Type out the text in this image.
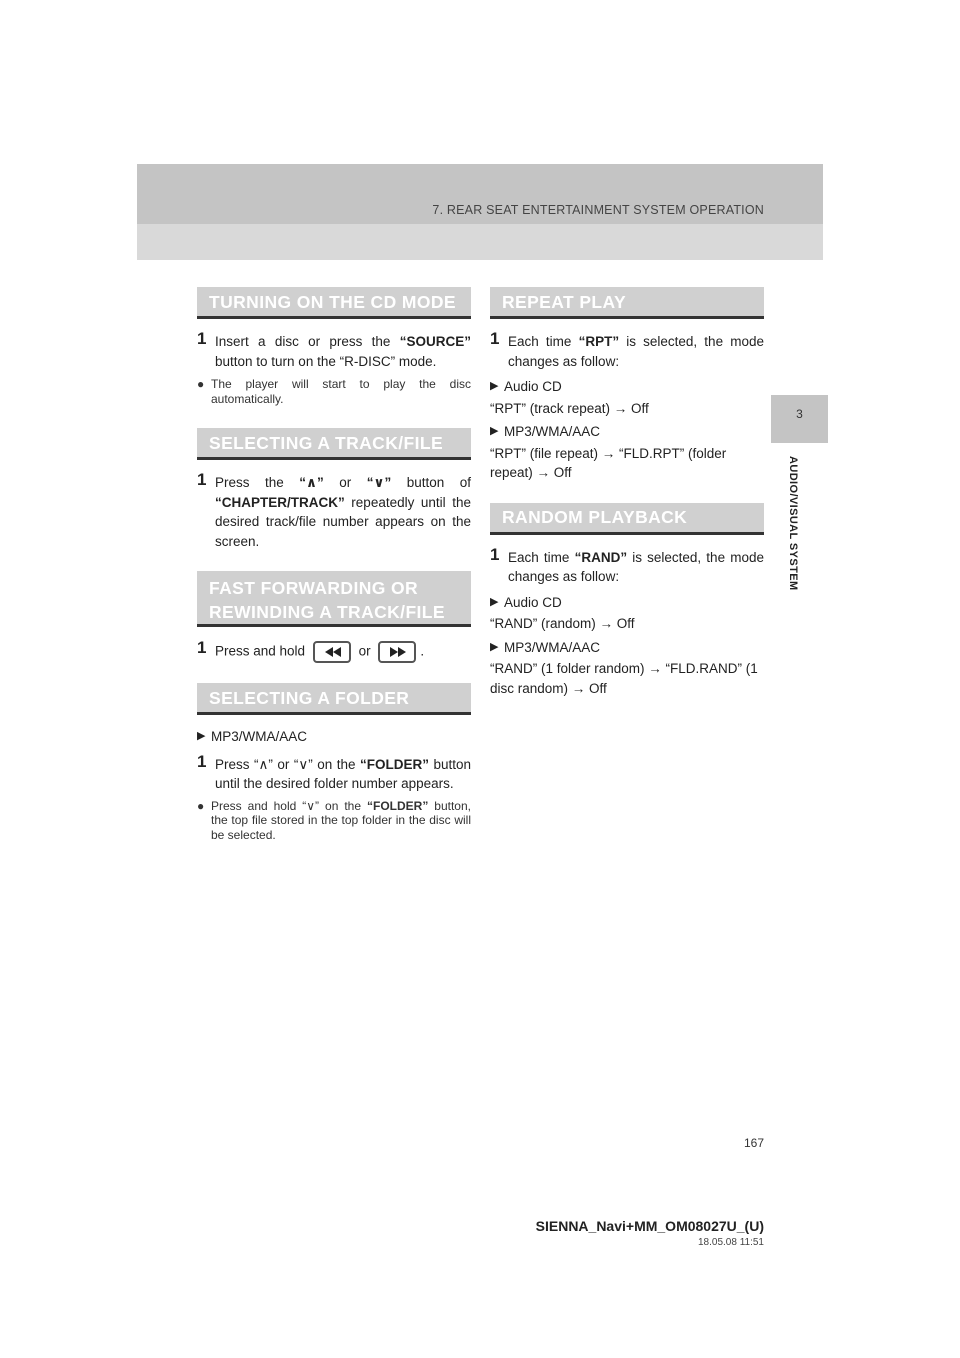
7. REAR SEAT ENTERTAINMENT SYSTEM OPERATION
3
AUDIO/VISUAL SYSTEM
TURNING ON THE CD MODE
1 Insert a disc or press the “SOURCE” button to turn on the “R-DISC” mode.
● The player will start to play the disc automatically.
SELECTING A TRACK/FILE
1 Press the “∧” or “∨” button of “CHAPTER/TRACK” repeatedly until the desired track/file number appears on the screen.
FAST FORWARDING OR
REWINDING A TRACK/FILE
1 Press and hold	or	.
SELECTING A FOLDER
▶ MP3/WMA/AAC
1 Press “∧” or “∨” on the “FOLDER” button until the desired folder number appears.
● Press and hold “∨” on the “FOLDER” button, the top file stored in the top folder in the disc will be selected.
REPEAT PLAY
1 Each time “RPT” is selected, the mode changes as follow:
▶ Audio CD
“RPT” (track repeat) → Off
▶ MP3/WMA/AAC
“RPT” (file repeat) → “FLD.RPT” (folder repeat) → Off
RANDOM PLAYBACK
1 Each time “RAND” is selected, the mode changes as follow:
▶ Audio CD
“RAND” (random) → Off
▶ MP3/WMA/AAC
“RAND” (1 folder random) → “FLD.RAND” (1 disc random) → Off
167
SIENNA_Navi+MM_OM08027U_(U)
18.05.08 11:51
